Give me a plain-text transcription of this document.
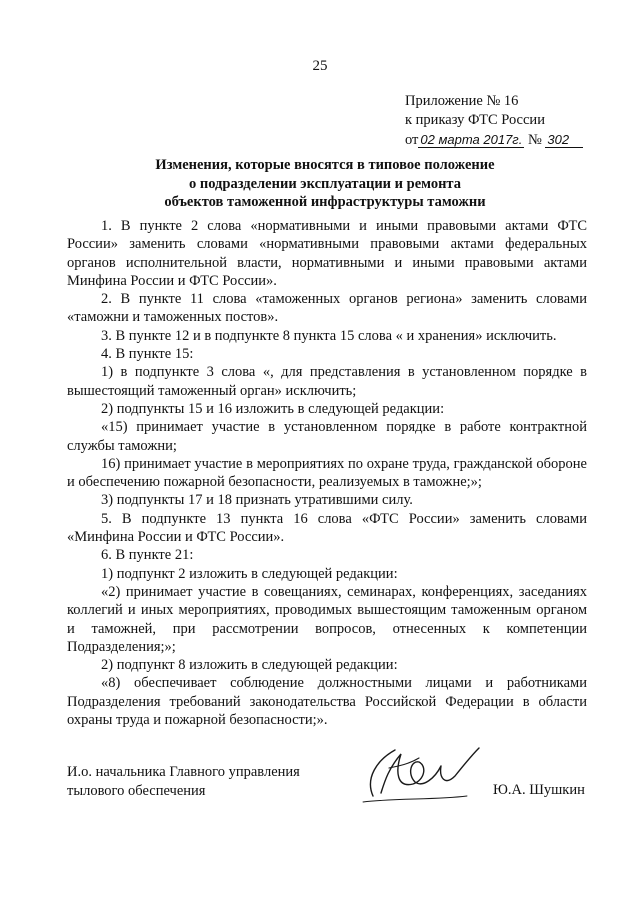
25
Приложение № 16
к приказу ФТС России
от 02 марта 2017г. № 302
Изменения, которые вносятся в типовое положение
о подразделении эксплуатации и ремонта
объектов таможенной инфраструктуры таможни

1. В пункте 2 слова «нормативными и иными правовыми актами ФТС России» заменить словами «нормативными правовыми актами федеральных органов исполнительной власти, нормативными и иными правовыми актами Минфина России и ФТС России».

2. В пункте 11 слова «таможенных органов региона» заменить словами «таможни и таможенных постов».

3. В пункте 12 и в подпункте 8 пункта 15 слова « и хранения» исключить.

4. В пункте 15:

1) в подпункте 3 слова «, для представления в установленном порядке в вышестоящий таможенный орган» исключить;

2) подпункты 15 и 16 изложить в следующей редакции:

«15) принимает участие в установленном порядке в работе контрактной службы таможни;

16) принимает участие в мероприятиях по охране труда, гражданской обороне и обеспечению пожарной безопасности, реализуемых в таможне;»;

3) подпункты 17 и 18 признать утратившими силу.

5. В подпункте 13 пункта 16 слова «ФТС России» заменить словами «Минфина России и ФТС России».

6. В пункте 21:

1) подпункт 2 изложить в следующей редакции:

«2) принимает участие в совещаниях, семинарах, конференциях, заседаниях коллегий и иных мероприятиях, проводимых вышестоящим таможенным органом и таможней, при рассмотрении вопросов, отнесенных к компетенции Подразделения;»;

2) подпункт 8 изложить в следующей редакции:

«8) обеспечивает соблюдение должностными лицами и работниками Подразделения требований законодательства Российской Федерации в области охраны труда и пожарной безопасности;».

И.о. начальника Главного управления
тылового обеспечения	Ю.А. Шушкин
